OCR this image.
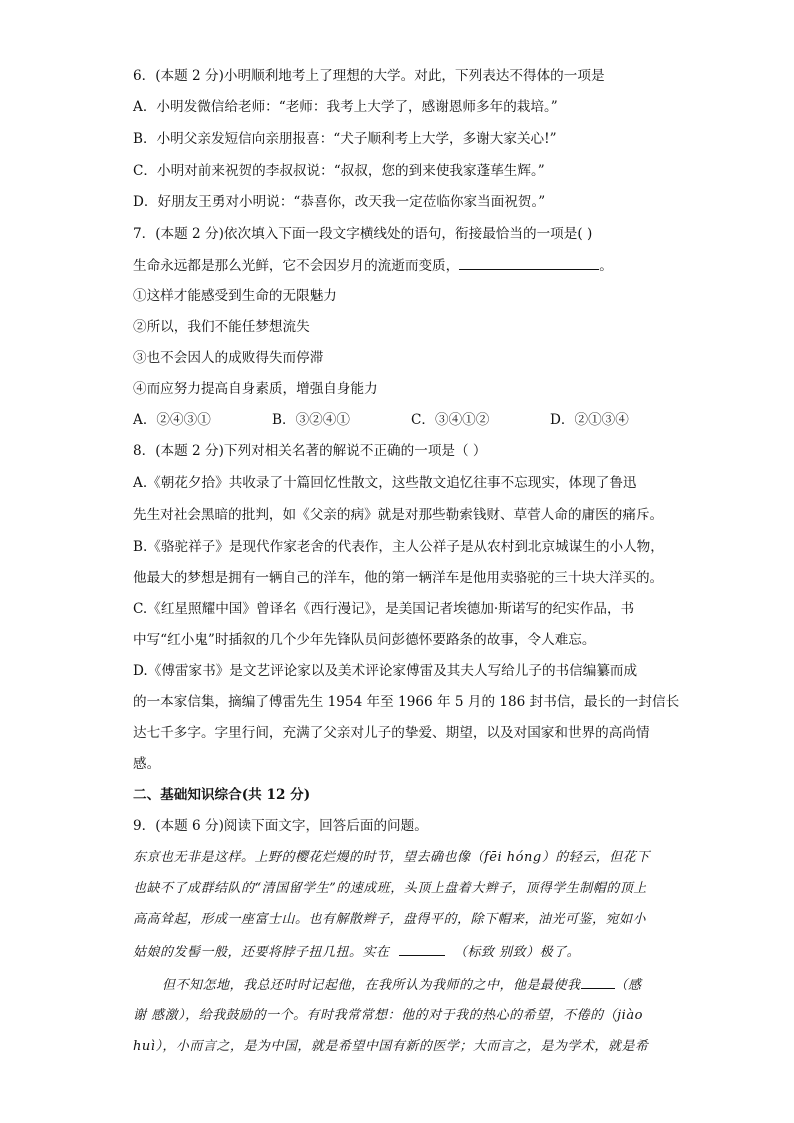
6．(本题 2 分)小明顺利地考上了理想的大学。对此，下列表达不得体的一项是
A．小明发微信给老师：“老师：我考上大学了，感谢恩师多年的栽培。”
B．小明父亲发短信向亲朋报喜：“犬子顺利考上大学，多谢大家关心!”
C．小明对前来祝贺的李叔叔说：“叔叔，您的到来使我家蓬荜生辉。”
D．好朋友王勇对小明说：“恭喜你，改天我一定莅临你家当面祝贺。”
7．(本题 2 分)依次填入下面一段文字横线处的语句，衔接最恰当的一项是( )
生命永远都是那么光鲜，它不会因岁月的流逝而变质，	。
①这样才能感受到生命的无限魅力
②所以，我们不能任梦想流失
③也不会因人的成败得失而停滞
④而应努力提高自身素质，增强自身能力
A．②④③①	B．③②④①	C．③④①②	D．②①③④
8．(本题 2 分)下列对相关名著的解说不正确的一项是（ ）
A.《朝花夕拾》共收录了十篇回忆性散文，这些散文追忆往事不忘现实，体现了鲁迅
先生对社会黑暗的批判，如《父亲的病》就是对那些勒索钱财、草菅人命的庸医的痛斥。
B.《骆驼祥子》是现代作家老舍的代表作，主人公祥子是从农村到北京城谋生的小人物，
他最大的梦想是拥有一辆自己的洋车，他的第一辆洋车是他用卖骆驼的三十块大洋买的。
C.《红星照耀中国》曾译名《西行漫记》，是美国记者埃德加·斯诺写的纪实作品，书
中写“红小鬼”时插叙的几个少年先锋队员问彭德怀要路条的故事，令人难忘。
D.《傅雷家书》是文艺评论家以及美术评论家傅雷及其夫人写给儿子的书信编纂而成
的一本家信集，摘编了傅雷先生 1954 年至 1966 年 5 月的 186 封书信，最长的一封信长
达七千多字。字里行间，充满了父亲对儿子的挚爱、期望，以及对国家和世界的高尚情
感。
二、基础知识综合(共 12 分)
9．(本题 6 分)阅读下面文字，回答后面的问题。
东京也无非是这样。上野的樱花烂熳的时节，望去确也像（fēi hóng）的轻云，但花下
也缺不了成群结队的“清国留学生”的速成班，头顶上盘着大辫子，顶得学生制帽的顶上
高高耸起，形成一座富士山。也有解散辫子，盘得平的，除下帽来，油光可鉴，宛如小
姑娘的发髻一般，还要将脖子扭几扭。实在	（标致 别致）极了。
但不知怎地，我总还时时记起他，在我所认为我师的之中，他是最使我	（感
谢 感激），给我鼓励的一个。有时我常常想：他的对于我的热心的希望，不倦的（jiào
huì），小而言之，是为中国，就是希望中国有新的医学；大而言之，是为学术，就是希
